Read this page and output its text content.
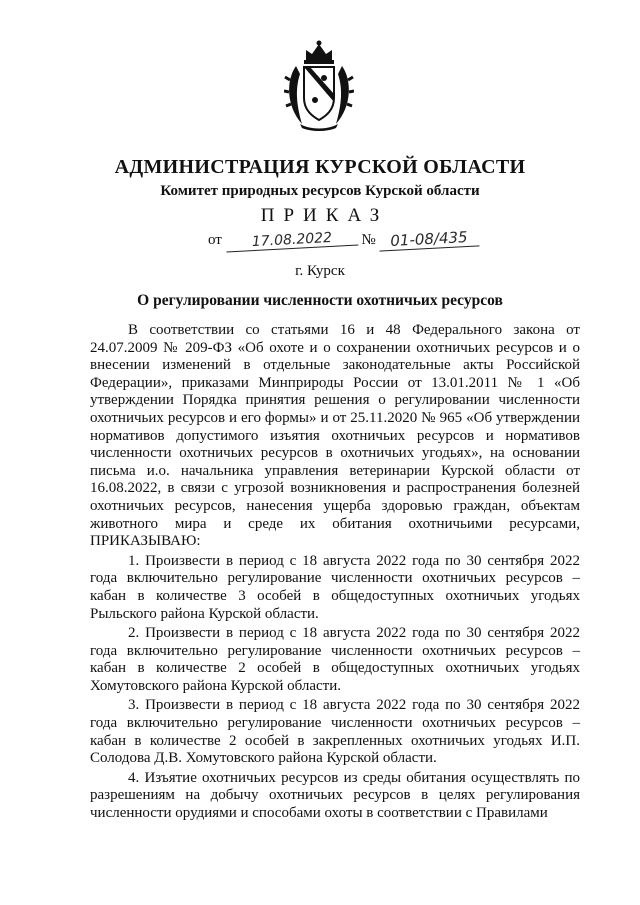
АДМИНИСТРАЦИЯ КУРСКОЙ ОБЛАСТИ
Комитет природных ресурсов Курской области
ПРИКАЗ
от 17.08.2022 № 01-08/435
г. Курск
О регулировании численности охотничьих ресурсов

В соответствии со статьями 16 и 48 Федерального закона от 24.07.2009 № 209-ФЗ «Об охоте и о сохранении охотничьих ресурсов и о внесении изменений в отдельные законодательные акты Российской Федерации», приказами Минприроды России от 13.01.2011 № 1 «Об утверждении Порядка принятия решения о регулировании численности охотничьих ресурсов и его формы» и от 25.11.2020 № 965 «Об утверждении нормативов допустимого изъятия охотничьих ресурсов и нормативов численности охотничьих ресурсов в охотничьих угодьях», на основании письма и.о. начальника управления ветеринарии Курской области от 16.08.2022, в связи с угрозой возникновения и распространения болезней охотничьих ресурсов, нанесения ущерба здоровью граждан, объектам животного мира и среде их обитания охотничьими ресурсами, ПРИКАЗЫВАЮ:

1. Произвести в период с 18 августа 2022 года по 30 сентября 2022 года включительно регулирование численности охотничьих ресурсов – кабан в количестве 3 особей в общедоступных охотничьих угодьях Рыльского района Курской области.

2. Произвести в период с 18 августа 2022 года по 30 сентября 2022 года включительно регулирование численности охотничьих ресурсов – кабан в количестве 2 особей в общедоступных охотничьих угодьях Хомутовского района Курской области.

3. Произвести в период с 18 августа 2022 года по 30 сентября 2022 года включительно регулирование численности охотничьих ресурсов – кабан в количестве 2 особей в закрепленных охотничьих угодьях И.П. Солодова Д.В. Хомутовского района Курской области.

4. Изъятие охотничьих ресурсов из среды обитания осуществлять по разрешениям на добычу охотничьих ресурсов в целях регулирования численности орудиями и способами охоты в соответствии с Правилами
